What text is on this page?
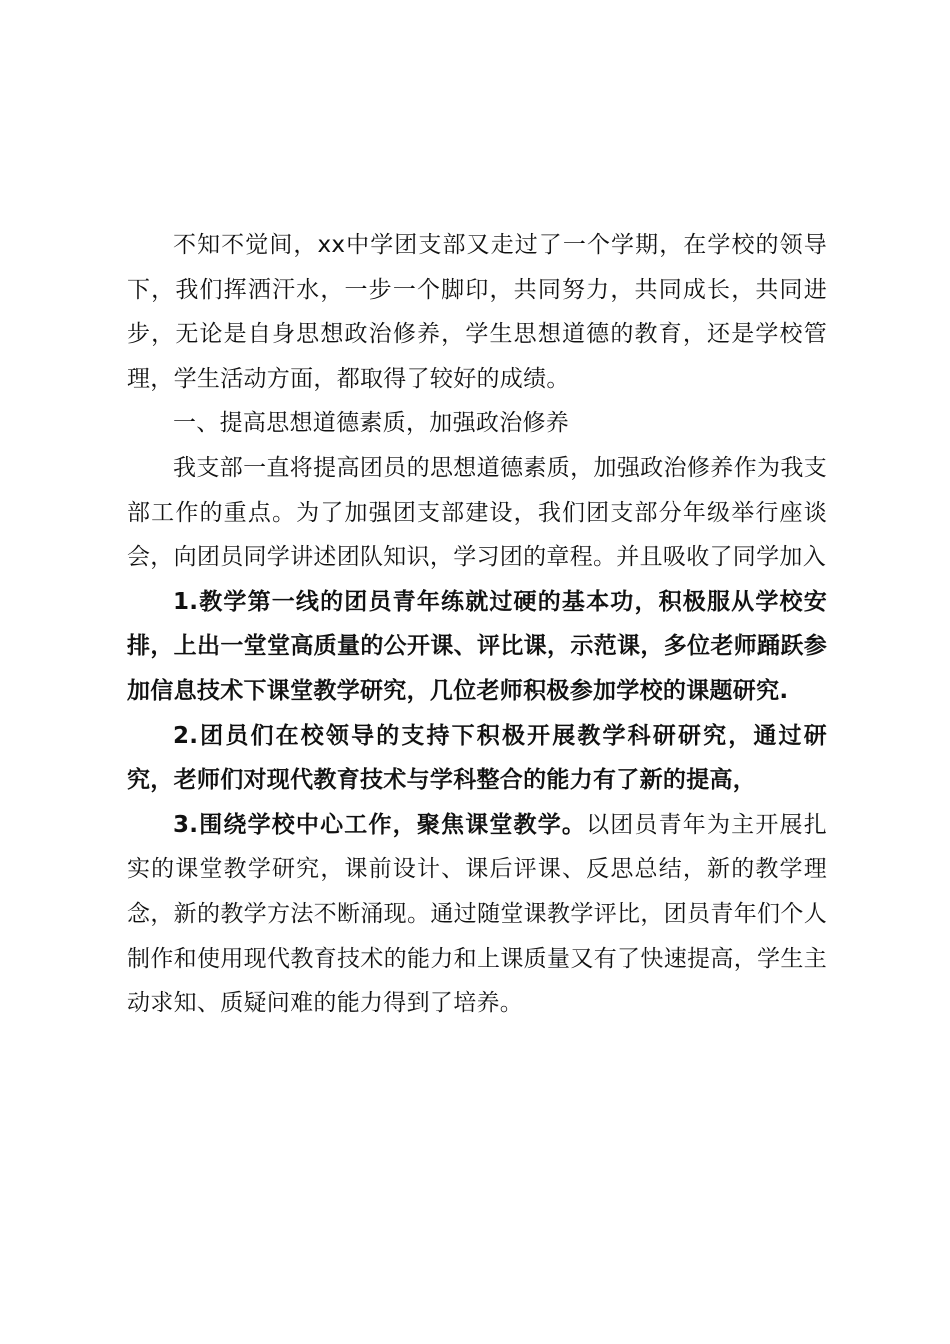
不知不觉间，xx中学团支部又走过了一个学期，在学校的领导下，我们挥洒汗水，一步一个脚印，共同努力，共同成长，共同进步，无论是自身思想政治修养，学生思想道德的教育，还是学校管理，学生活动方面，都取得了较好的成绩。

一、提高思想道德素质，加强政治修养

我支部一直将提高团员的思想道德素质，加强政治修养作为我支部工作的重点。为了加强团支部建设，我们团支部分年级举行座谈会，向团员同学讲述团队知识，学习团的章程。并且吸收了同学加入

1.教学第一线的团员青年练就过硬的基本功，积极服从学校安排，上出一堂堂高质量的公开课、评比课，示范课，多位老师踊跃参加信息技术下课堂教学研究，几位老师积极参加学校的课题研究.

2.团员们在校领导的支持下积极开展教学科研研究，通过研究，老师们对现代教育技术与学科整合的能力有了新的提高，

3.围绕学校中心工作，聚焦课堂教学。以团员青年为主开展扎实的课堂教学研究，课前设计、课后评课、反思总结，新的教学理念，新的教学方法不断涌现。通过随堂课教学评比，团员青年们个人制作和使用现代教育技术的能力和上课质量又有了快速提高，学生主动求知、质疑问难的能力得到了培养。
